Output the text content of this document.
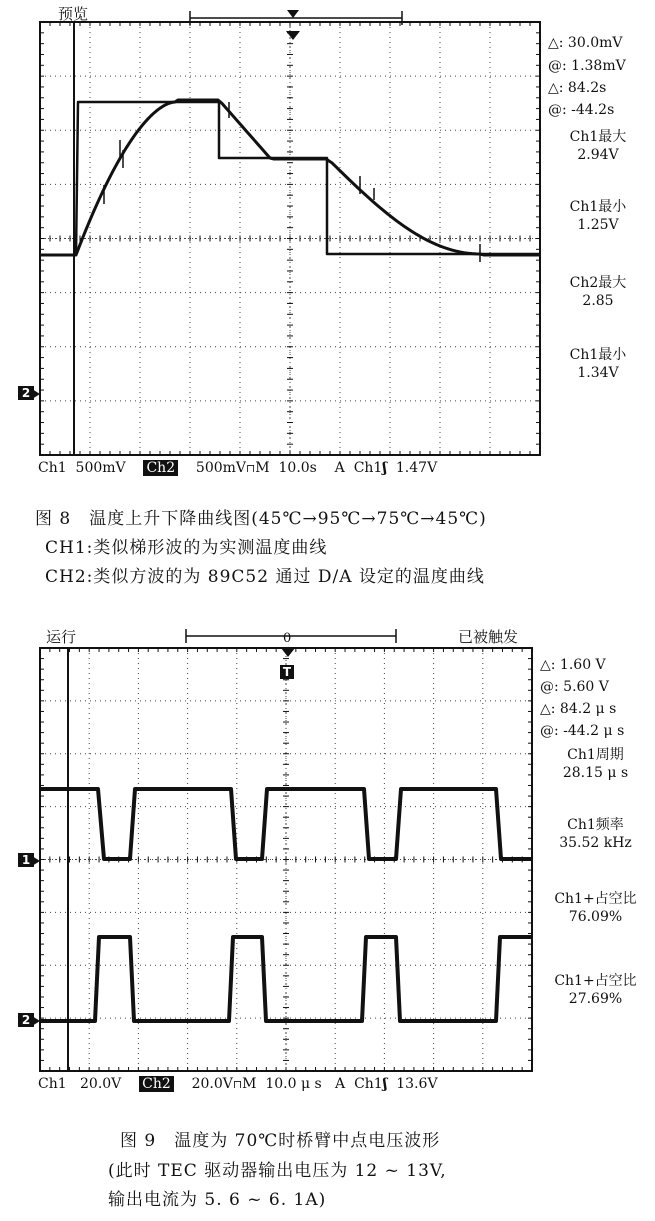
预览
△: 30.0mV
@: 1.38mV
△: 84.2s
@: -44.2s
Ch1最大
2.94V
Ch1最小
1.25V
Ch2最大
2.85
Ch1最小
1.34V
2
Ch1 500mV Ch2 500mV⊓M 10.0s A Ch1ʃ 1.47V
图 8　温度上升下降曲线图(45℃→95℃→75℃→45℃)
CH1:类似梯形波的为实测温度曲线
CH2:类似方波的为 89C52 通过 D/A 设定的温度曲线
运行	已被触发
0
T	△: 1.60 V
@: 5.60 V
△: 84.2 μ s
@: -44.2 μ s
Ch1周期
28.15 μ s
Ch1频率
35.52 kHz
Ch1+占空比
76.09%
Ch1+占空比
27.69%
1
2
Ch1 20.0V Ch2 20.0V⊓M 10.0 μ s A Ch1ʃ 13.6V
图 9　温度为 70℃时桥臂中点电压波形
(此时 TEC 驱动器输出电压为 12 ~ 13V,
输出电流为 5. 6 ~ 6. 1A)
